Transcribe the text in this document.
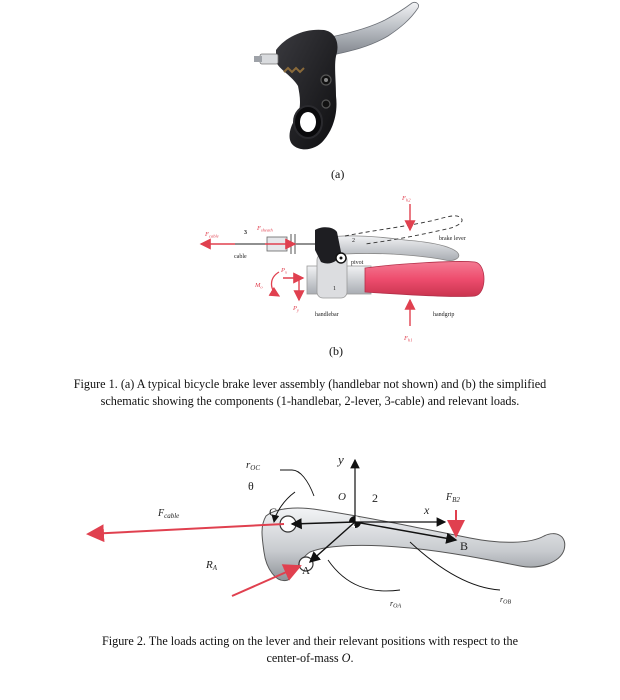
(a)
$F_{cable}$
$F_{sheath}$
$F_{h2}$
$F_{h1}$
$P_x$
$P_y$
$M_o$
3
cable
2
pivot
brake lever
1
handlebar	handgrip
(b)
Figure 1. (a) A typical bicycle brake lever assembly (handlebar not shown) and (b) the simplified schematic showing the components (1-handlebar, 2-lever, 3-cable) and relevant loads.
rOC
y
θ
O 2	$F_{B2}$
x
$F_{cable}$	C
B
RA	A
rOA
rOB
Figure 2. The loads acting on the lever and their relevant positions with respect to the
center-of-mass O.
